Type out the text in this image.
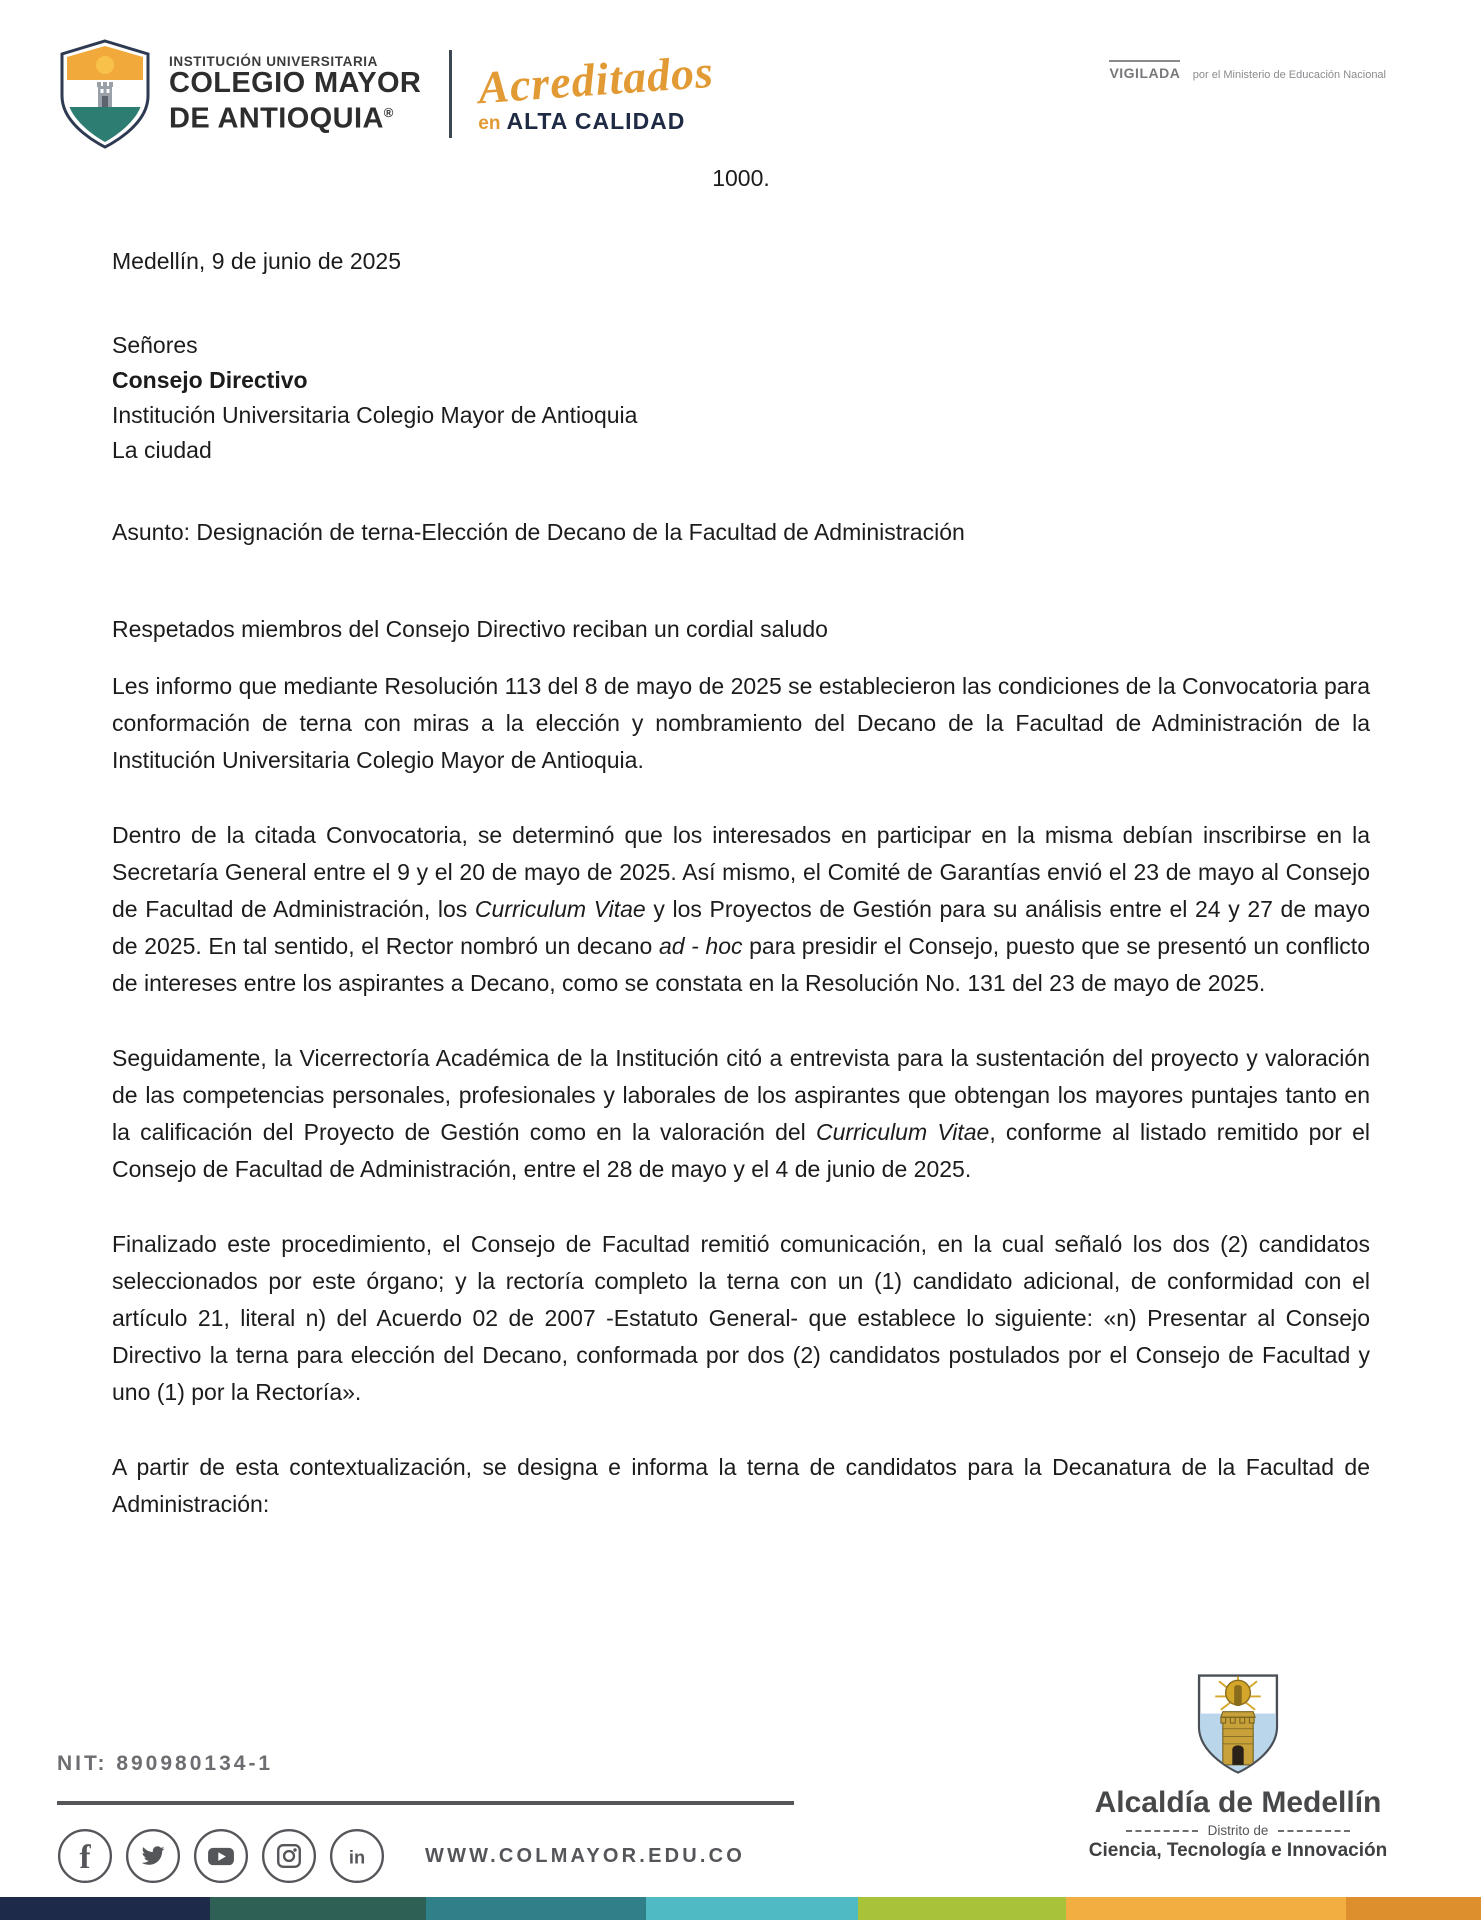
INSTITUCIÓN UNIVERSITARIA
COLEGIO MAYOR
DE ANTIOQUIA®
Acreditados
en ALTA CALIDAD
VIGILADA por el Ministerio de Educación Nacional

1000.

Medellín, 9 de junio de 2025

Señores
Consejo Directivo
Institución Universitaria Colegio Mayor de Antioquia
La ciudad

Asunto: Designación de terna-Elección de Decano de la Facultad de Administración

Respetados miembros del Consejo Directivo reciban un cordial saludo

Les informo que mediante Resolución 113 del 8 de mayo de 2025 se establecieron las condiciones de la Convocatoria para conformación de terna con miras a la elección y nombramiento del Decano de la Facultad de Administración de la Institución Universitaria Colegio Mayor de Antioquia.

Dentro de la citada Convocatoria, se determinó que los interesados en participar en la misma debían inscribirse en la Secretaría General entre el 9 y el 20 de mayo de 2025. Así mismo, el Comité de Garantías envió el 23 de mayo al Consejo de Facultad de Administración, los Curriculum Vitae y los Proyectos de Gestión para su análisis entre el 24 y 27 de mayo de 2025. En tal sentido, el Rector nombró un decano ad - hoc para presidir el Consejo, puesto que se presentó un conflicto de intereses entre los aspirantes a Decano, como se constata en la Resolución No. 131 del 23 de mayo de 2025.

Seguidamente, la Vicerrectoría Académica de la Institución citó a entrevista para la sustentación del proyecto y valoración de las competencias personales, profesionales y laborales de los aspirantes que obtengan los mayores puntajes tanto en la calificación del Proyecto de Gestión como en la valoración del Curriculum Vitae, conforme al listado remitido por el Consejo de Facultad de Administración, entre el 28 de mayo y el 4 de junio de 2025.

Finalizado este procedimiento, el Consejo de Facultad remitió comunicación, en la cual señaló los dos (2) candidatos seleccionados por este órgano; y la rectoría completo la terna con un (1) candidato adicional, de conformidad con el artículo 21, literal n) del Acuerdo 02 de 2007 -Estatuto General- que establece lo siguiente: «n) Presentar al Consejo Directivo la terna para elección del Decano, conformada por dos (2) candidatos postulados por el Consejo de Facultad y uno (1) por la Rectoría».

A partir de esta contextualización, se designa e informa la terna de candidatos para la Decanatura de la Facultad de Administración:

NIT: 890980134-1
f	in	WWW.COLMAYOR.EDU.CO
Alcaldía de Medellín
Distrito de
Ciencia, Tecnología e Innovación
